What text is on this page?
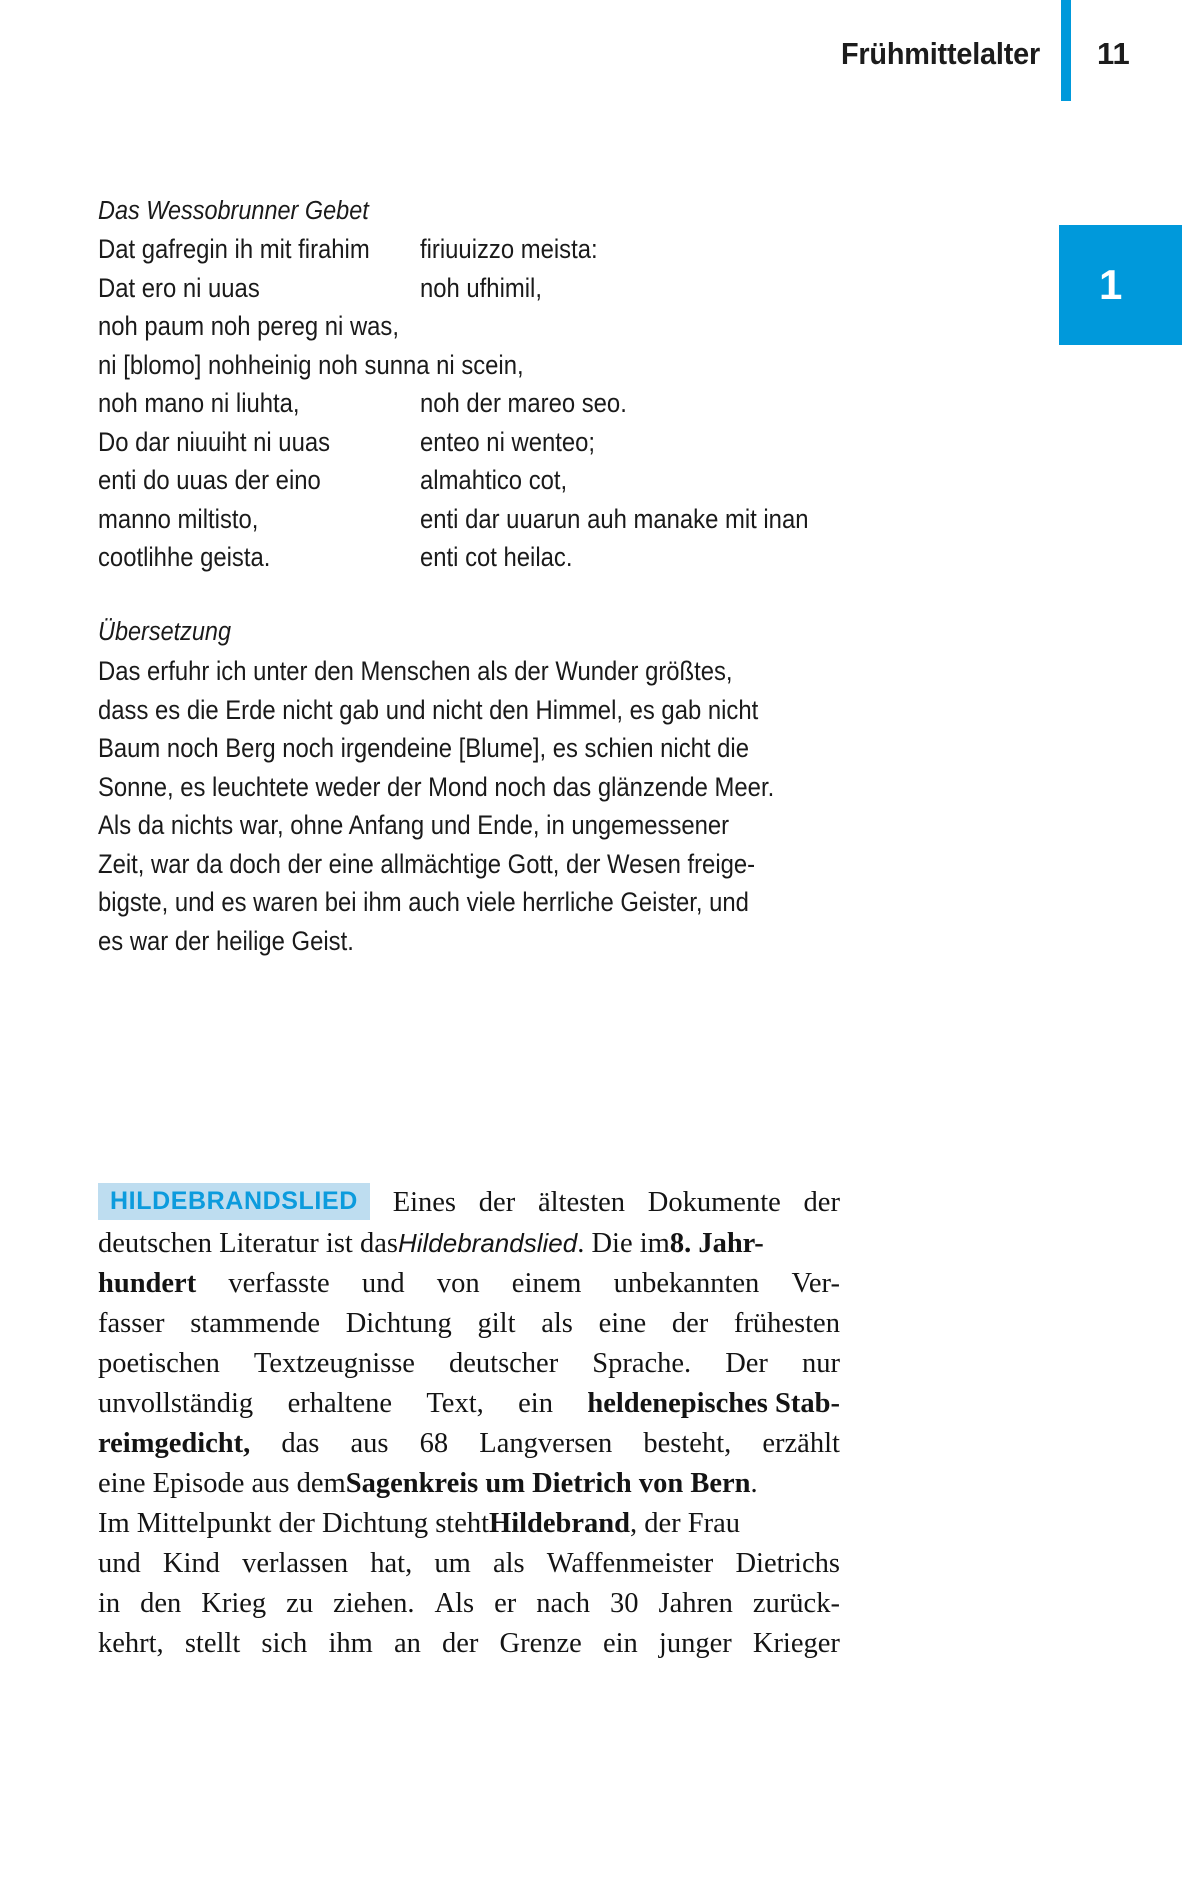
Frühmittelalter 11
1
Das Wessobrunner Gebet
Dat gafregin ih mit firahim	firiuuizzo meista:
Dat ero ni uuas	noh ufhimil,
noh paum noh pereg ni was,
ni [blomo] nohheinig noh sunna ni scein,
noh mano ni liuhta,	noh der mareo seo.
Do dar niuuiht ni uuas	enteo ni wenteo;
enti do uuas der eino	almahtico cot,
manno miltisto,	enti dar uuarun auh manake mit inan
cootlihhe geista.	enti cot heilac.
Übersetzung
Das erfuhr ich unter den Menschen als der Wunder größtes,
dass es die Erde nicht gab und nicht den Himmel, es gab nicht
Baum noch Berg noch irgendeine [Blume], es schien nicht die
Sonne, es leuchtete weder der Mond noch das glänzende Meer.
Als da nichts war, ohne Anfang und Ende, in ungemessener
Zeit, war da doch der eine allmächtige Gott, der Wesen freige-
bigste, und es waren bei ihm auch viele herrliche Geister, und
es war der heilige Geist.
HILDEBRANDSLIED	Eines der ältesten Dokumente der
deutschen Literatur ist dasHildebrandslied. Die im8. Jahr-
hundert verfasste und von einem unbekannten Ver-
fasser stammende Dichtung gilt als eine der frühesten
poetischen Textzeugnisse deutscher Sprache. Der nur
unvollständig erhaltene Text, ein heldenepisches Stab-
reimgedicht, das aus 68 Langversen besteht, erzählt
eine Episode aus demSagenkreis um Dietrich von Bern.
Im Mittelpunkt der Dichtung stehtHildebrand, der Frau
und Kind verlassen hat, um als Waffenmeister Dietrichs
in den Krieg zu ziehen. Als er nach 30 Jahren zurück-
kehrt, stellt sich ihm an der Grenze ein junger Krieger
